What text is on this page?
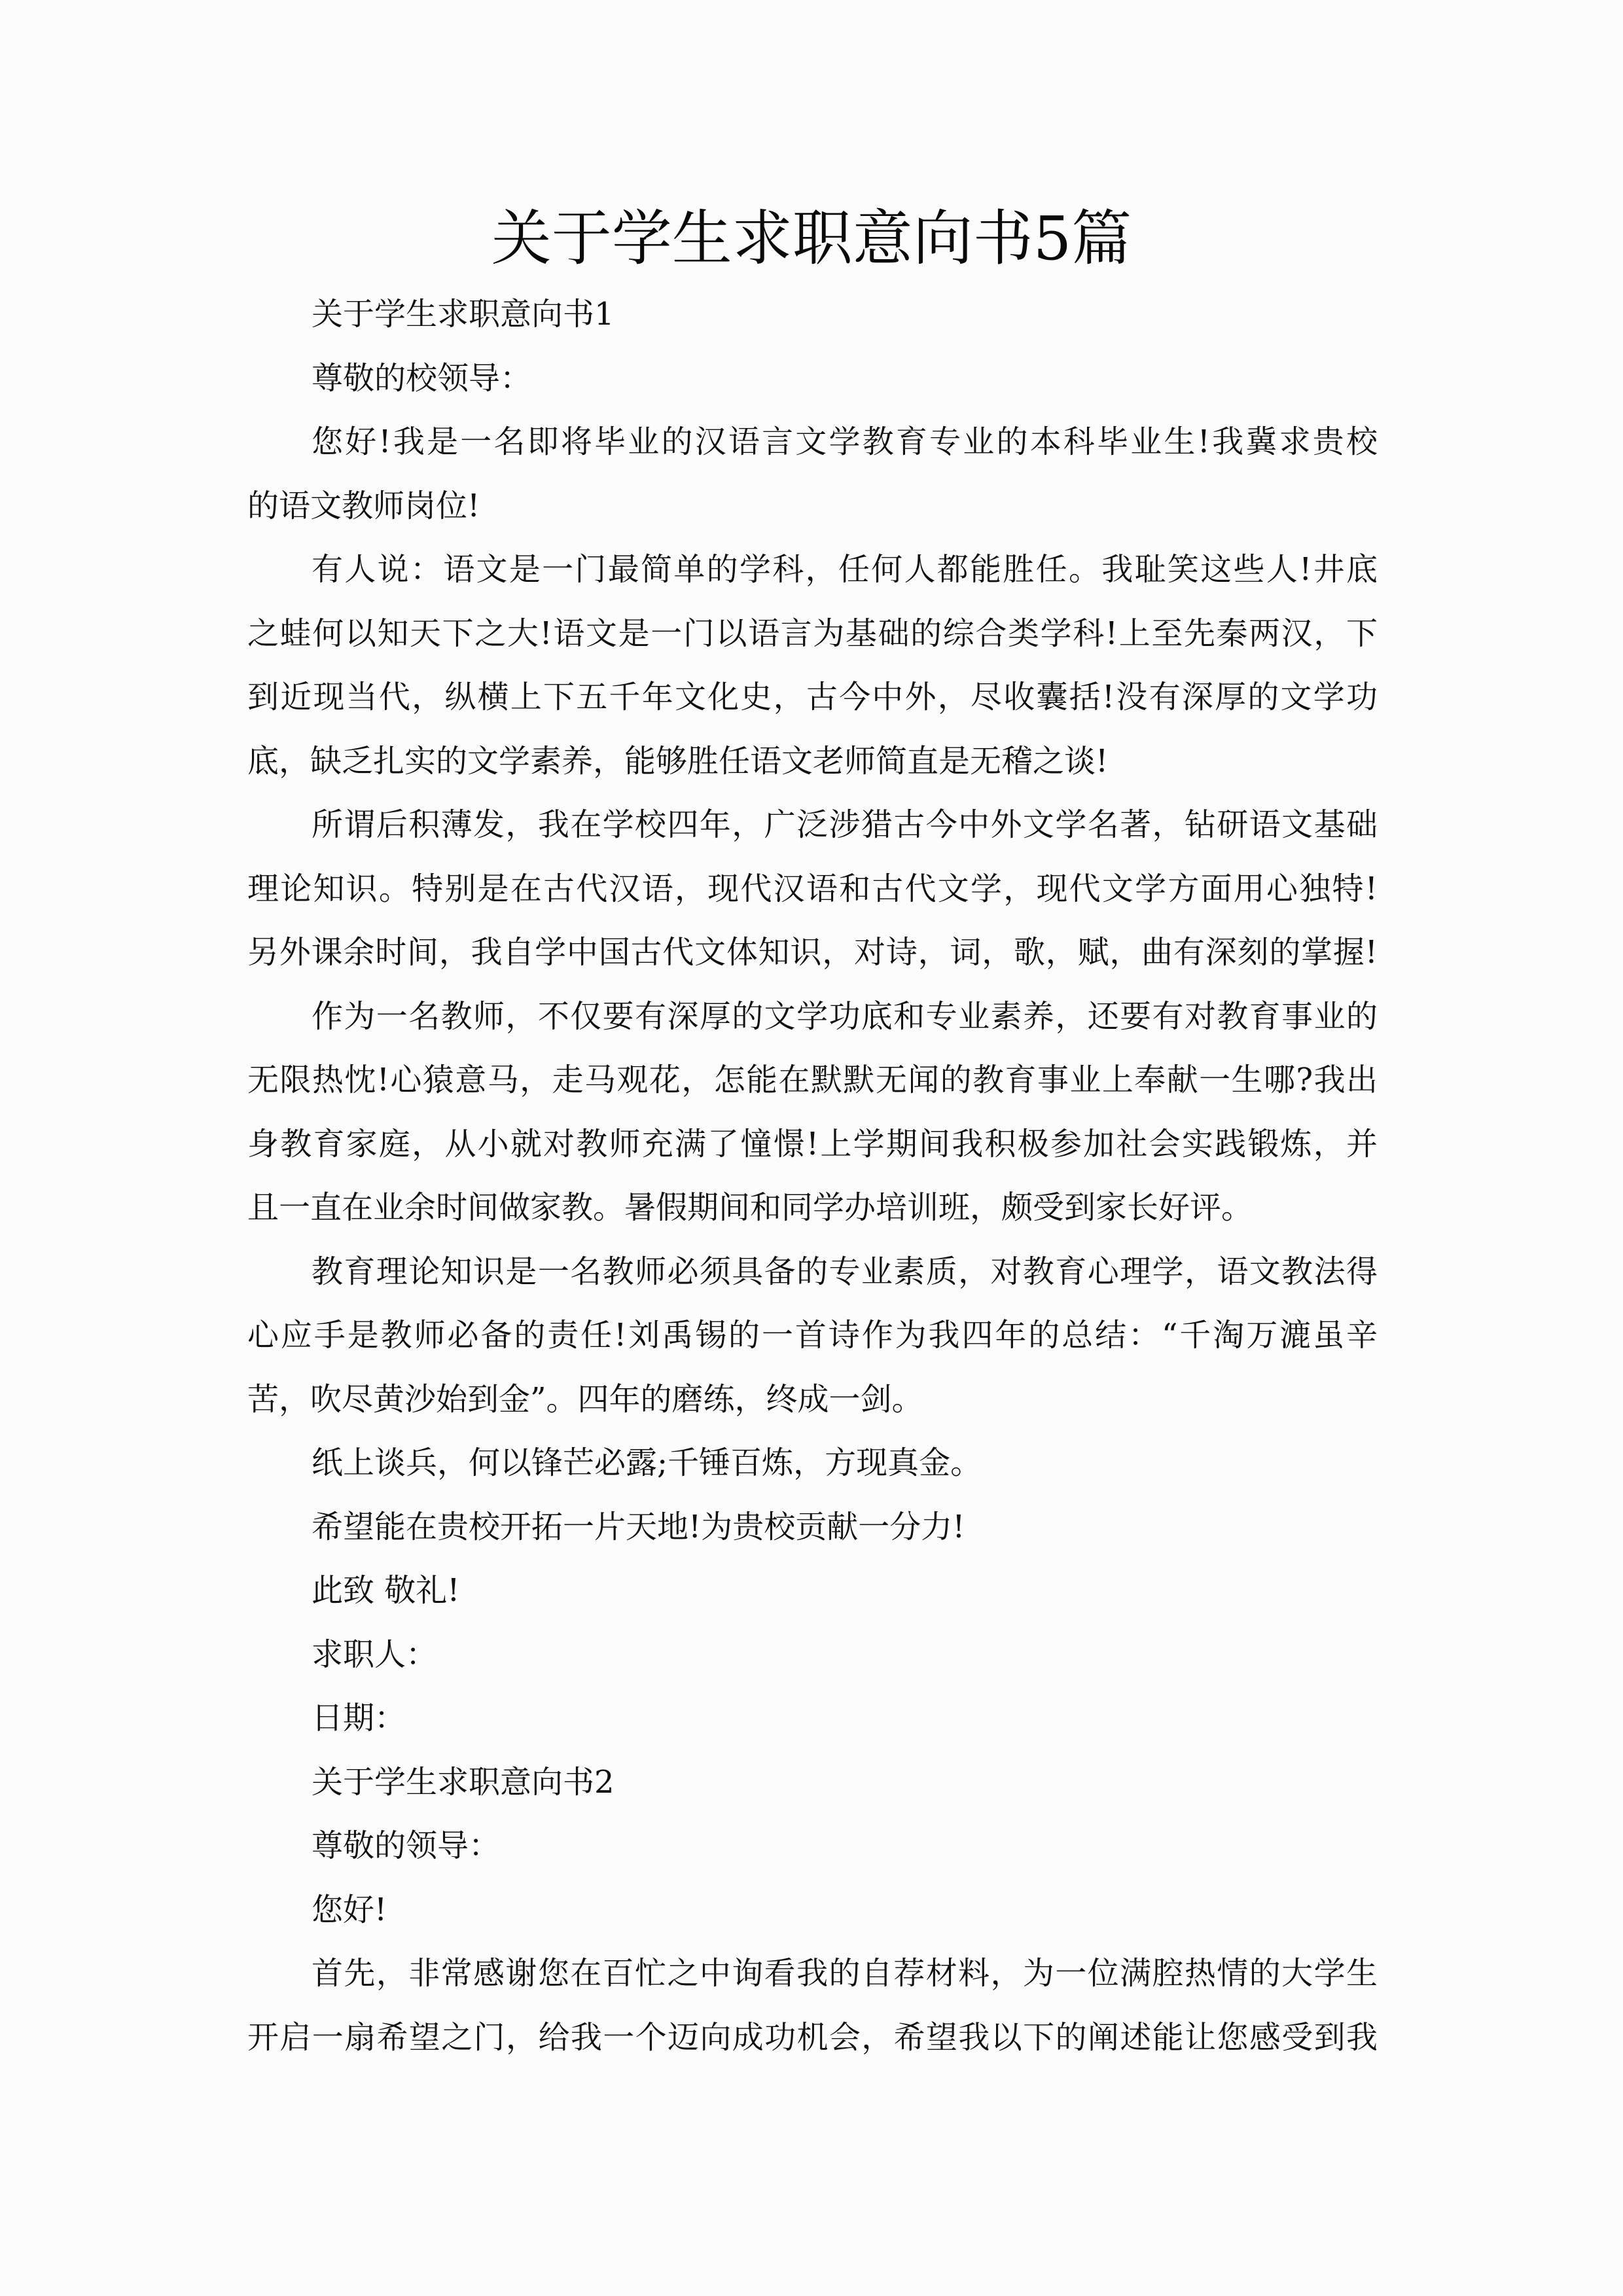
关于学生求职意向书5篇
关于学生求职意向书1
尊敬的校领导：
您好!我是一名即将毕业的汉语言文学教育专业的本科毕业生!我冀求贵校
的语文教师岗位!
有人说：语文是一门最简单的学科，任何人都能胜任。我耻笑这些人!井底
之蛙何以知天下之大!语文是一门以语言为基础的综合类学科!上至先秦两汉，下
到近现当代，纵横上下五千年文化史，古今中外，尽收囊括!没有深厚的文学功
底，缺乏扎实的文学素养，能够胜任语文老师简直是无稽之谈!
所谓后积薄发，我在学校四年，广泛涉猎古今中外文学名著，钻研语文基础
理论知识。特别是在古代汉语，现代汉语和古代文学，现代文学方面用心独特!
另外课余时间，我自学中国古代文体知识，对诗，词，歌，赋，曲有深刻的掌握!
作为一名教师，不仅要有深厚的文学功底和专业素养，还要有对教育事业的
无限热忱!心猿意马，走马观花，怎能在默默无闻的教育事业上奉献一生哪?我出
身教育家庭，从小就对教师充满了憧憬!上学期间我积极参加社会实践锻炼，并
且一直在业余时间做家教。暑假期间和同学办培训班，颇受到家长好评。
教育理论知识是一名教师必须具备的专业素质，对教育心理学，语文教法得
心应手是教师必备的责任!刘禹锡的一首诗作为我四年的总结：“千淘万漉虽辛
苦，吹尽黄沙始到金”。四年的磨练，终成一剑。
纸上谈兵，何以锋芒必露;千锤百炼，方现真金。
希望能在贵校开拓一片天地!为贵校贡献一分力!
此致 敬礼!
求职人：
日期：
关于学生求职意向书2
尊敬的领导：
您好!
首先，非常感谢您在百忙之中询看我的自荐材料，为一位满腔热情的大学生
开启一扇希望之门，给我一个迈向成功机会，希望我以下的阐述能让您感受到我
